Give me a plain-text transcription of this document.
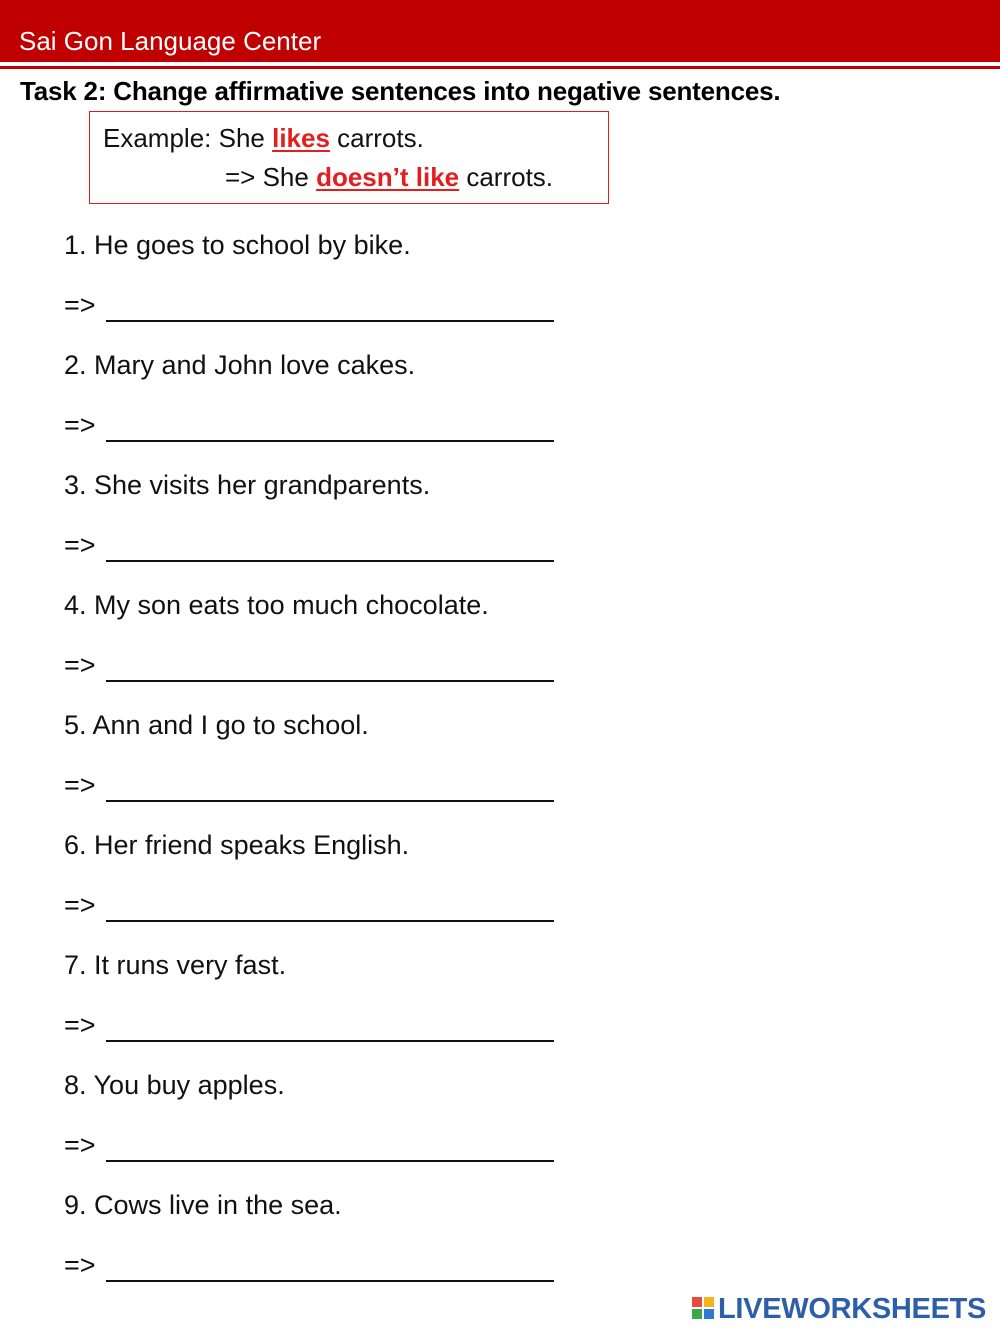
Sai Gon Language Center
Task 2: Change affirmative sentences into negative sentences.
Example: She likes carrots.
=> She doesn’t like carrots.
1. He goes to school by bike.
=>
2. Mary and John love cakes.
=>
3. She visits her grandparents.
=>
4. My son eats too much chocolate.
=>
5. Ann and I go to school.
=>
6. Her friend speaks English.
=>
7. It runs very fast.
=>
8. You buy apples.
=>
9. Cows live in the sea.
=>
LIVEWORKSHEETS
